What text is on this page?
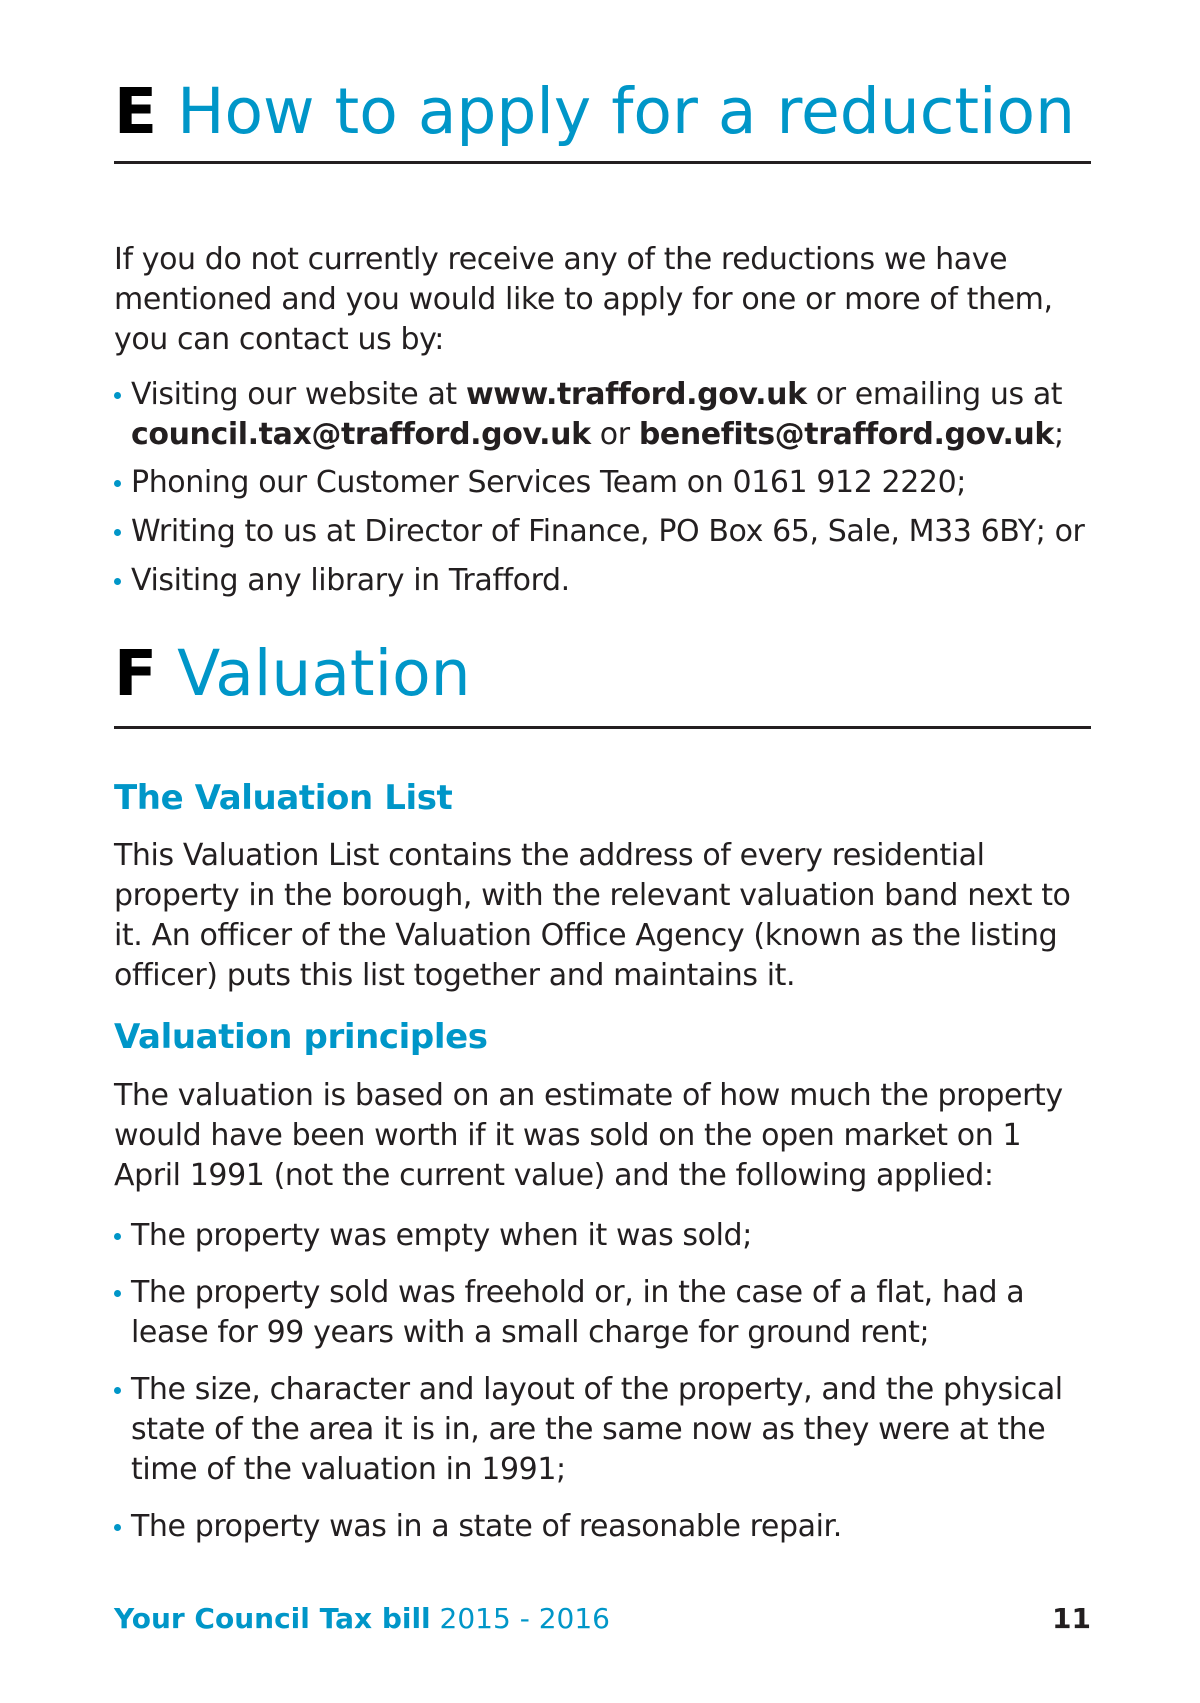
E How to apply for a reduction

If you do not currently receive any of the reductions we have mentioned and you would like to apply for one or more of them, you can contact us by:

Visiting our website at www.trafford.gov.uk or emailing us at
council.tax@trafford.gov.uk or benefits@trafford.gov.uk;
Phoning our Customer Services Team on 0161 912 2220;
Writing to us at Director of Finance, PO Box 65, Sale, M33 6BY; or
Visiting any library in Trafford.
F Valuation
The Valuation List

This Valuation List contains the address of every residential property in the borough, with the relevant valuation band next to it. An officer of the Valuation Office Agency (known as the listing officer) puts this list together and maintains it.

Valuation principles

The valuation is based on an estimate of how much the property would have been worth if it was sold on the open market on 1 April 1991 (not the current value) and the following applied:

The property was empty when it was sold;
The property sold was freehold or, in the case of a flat, had a lease for 99 years with a small charge for ground rent;
The size, character and layout of the property, and the physical state of the area it is in, are the same now as they were at the time of the valuation in 1991;
The property was in a state of reasonable repair.
Your Council Tax bill 2015 - 2016	11
